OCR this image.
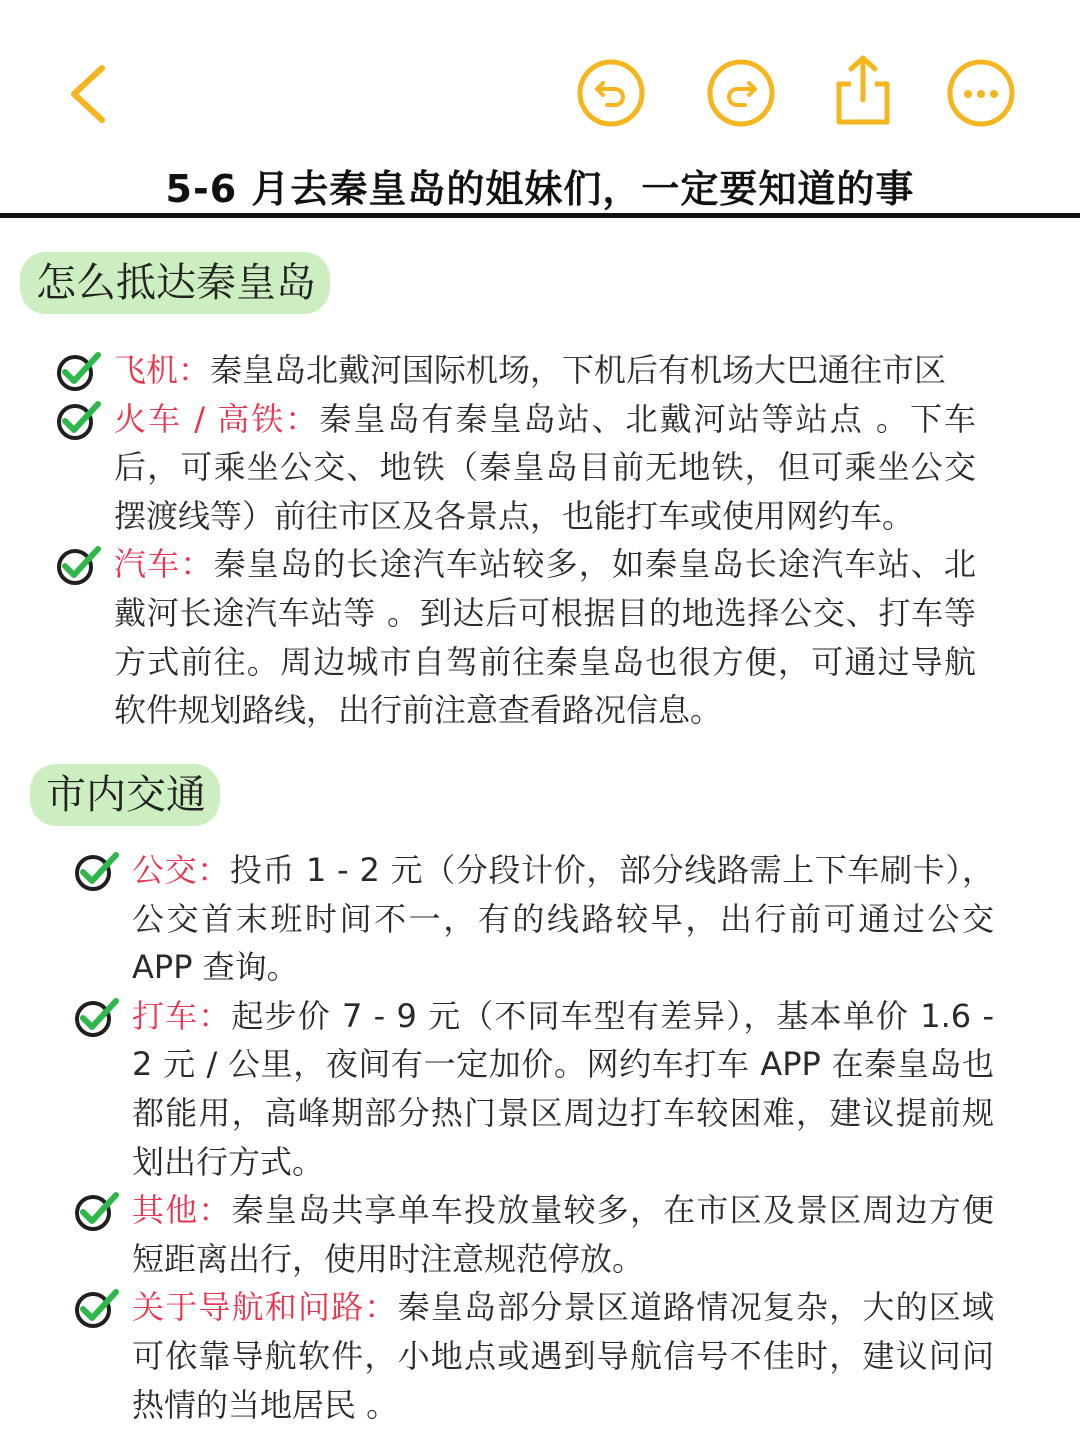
5-6 月去秦皇岛的姐妹们，一定要知道的事
怎么抵达秦皇岛
飞机：秦皇岛北戴河国际机场，下机后有机场大巴通往市区
火车 / 高铁：秦皇岛有秦皇岛站、北戴河站等站点 。下车后，可乘坐公交、地铁（秦皇岛目前无地铁，但可乘坐公交摆渡线等）前往市区及各景点，也能打车或使用网约车。
汽车：秦皇岛的长途汽车站较多，如秦皇岛长途汽车站、北戴河长途汽车站等 。到达后可根据目的地选择公交、打车等方式前往。周边城市自驾前往秦皇岛也很方便，可通过导航软件规划路线，出行前注意查看路况信息。
市内交通
公交：投币 1 - 2 元（分段计价，部分线路需上下车刷卡），公交首末班时间不一，有的线路较早，出行前可通过公交 APP 查询。
打车：起步价 7 - 9 元（不同车型有差异），基本单价 1.6 - 2 元 / 公里，夜间有一定加价。网约车打车 APP 在秦皇岛也都能用，高峰期部分热门景区周边打车较困难，建议提前规划出行方式。
其他：秦皇岛共享单车投放量较多，在市区及景区周边方便短距离出行，使用时注意规范停放。
关于导航和问路：秦皇岛部分景区道路情况复杂，大的区域可依靠导航软件，小地点或遇到导航信号不佳时，建议问问热情的当地居民 。
